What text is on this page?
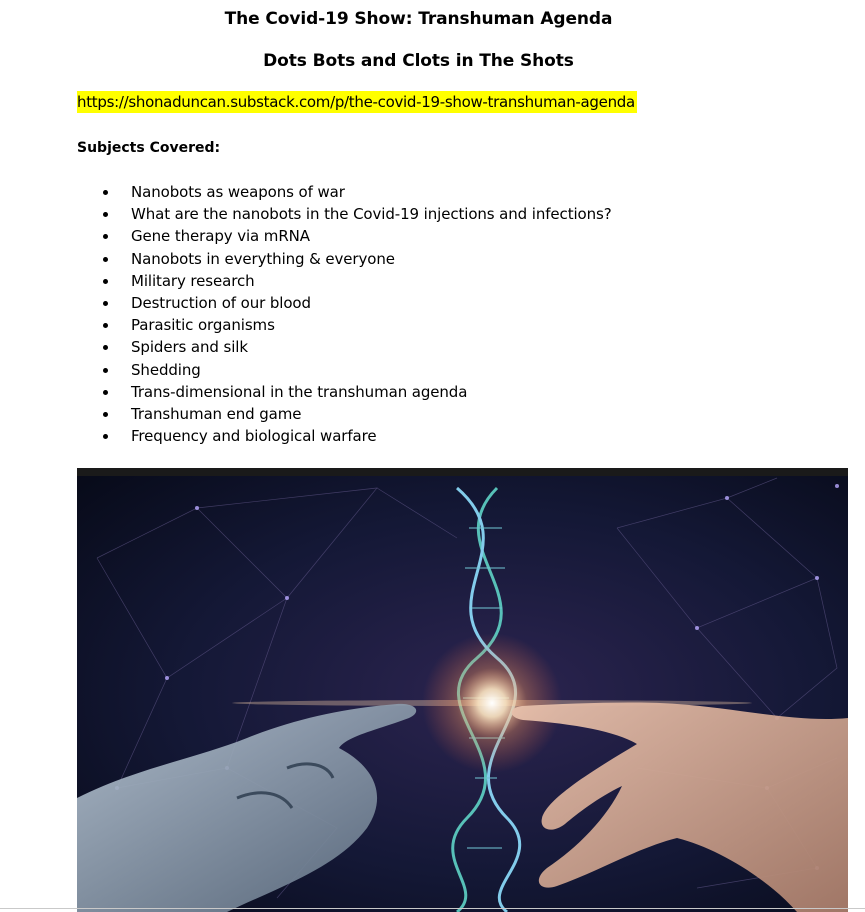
The Covid-19 Show: Transhuman Agenda
Dots Bots and Clots in The Shots
https://shonaduncan.substack.com/p/the-covid-19-show-transhuman-agenda
Subjects Covered:
Nanobots as weapons of war
What are the nanobots in the Covid-19 injections and infections?
Gene therapy via mRNA
Nanobots in everything & everyone
Military research
Destruction of our blood
Parasitic organisms
Spiders and silk
Shedding
Trans-dimensional in the transhuman agenda
Transhuman end game
Frequency and biological warfare
